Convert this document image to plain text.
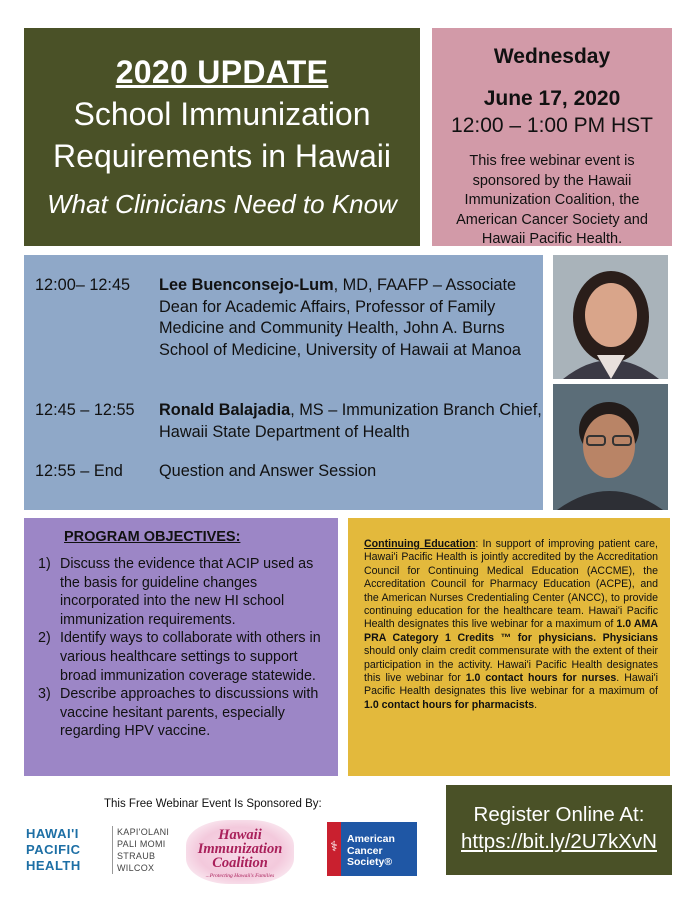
2020 UPDATE
School Immunization
Requirements in Hawaii
What Clinicians Need to Know
Wednesday
June 17, 2020
12:00 – 1:00 PM HST
This free webinar event is sponsored by the Hawaii Immunization Coalition, the American Cancer Society and Hawaii Pacific Health.
12:00– 12:45	Lee Buenconsejo-Lum, MD, FAAFP – Associate Dean for Academic Affairs, Professor of Family Medicine and Community Health, John A. Burns School of Medicine, University of Hawaii at Manoa
12:45 – 12:55	Ronald Balajadia, MS – Immunization Branch Chief, Hawaii State Department of Health
12:55 – End	Question and Answer Session
PROGRAM OBJECTIVES:
1) Discuss the evidence that ACIP used as the basis for guideline changes incorporated into the new HI school immunization requirements.
2) Identify ways to collaborate with others in various healthcare settings to support broad immunization coverage statewide.
3) Describe approaches to discussions with vaccine hesitant parents, especially regarding HPV vaccine.

Continuing Education: In support of improving patient care, Hawai'i Pacific Health is jointly accredited by the Accreditation Council for Continuing Medical Education (ACCME), the Accreditation Council for Pharmacy Education (ACPE), and the American Nurses Credentialing Center (ANCC), to provide continuing education for the healthcare team. Hawai'i Pacific Health designates this live webinar for a maximum of 1.0 AMA PRA Category 1 Credits ™ for physicians. Physicians should only claim credit commensurate with the extent of their participation in the activity. Hawai'i Pacific Health designates this live webinar for 1.0 contact hours for nurses. Hawai'i Pacific Health designates this live webinar for a maximum of 1.0 contact hours for pharmacists.

This Free Webinar Event Is Sponsored By:
HAWAI'I
PACIFIC
HEALTH
KAPI'OLANI
PALI MOMI
STRAUB
WILCOX
Hawaii
Immunization
Coalition
...Protecting Hawaii's Families
⚕ American
Cancer
Society®
Register Online At:
https://bit.ly/2U7kXvN
